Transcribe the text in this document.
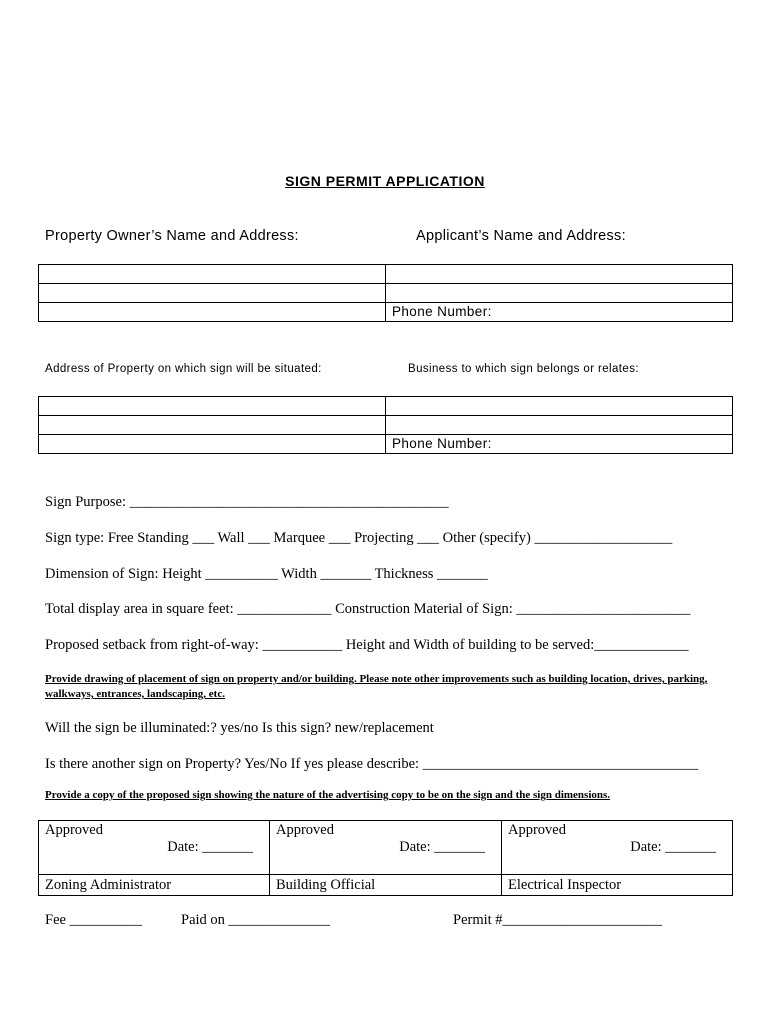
SIGN PERMIT APPLICATION
Property Owner’s Name and Address:	Applicant’s Name and Address:

	Phone Number:
Address of Property on which sign will be situated:	Business to which sign belongs or relates:

	Phone Number:
Sign Purpose: ____________________________________________
Sign type: Free Standing ___ Wall ___ Marquee ___ Projecting ___ Other (specify) ___________________
Dimension of Sign: Height __________ Width _______ Thickness _______
Total display area in square feet: _____________ Construction Material of Sign: ________________________
Proposed setback from right-of-way: ___________ Height and Width of building to be served:_____________
Provide drawing of placement of sign on property and/or building. Please note other improvements such as building location, drives, parking, walkways, entrances, landscaping, etc.
Will the sign be illuminated:? yes/no Is this sign? new/replacement
Is there another sign on Property? Yes/No If yes please describe: ______________________________________
Provide a copy of the proposed sign showing the nature of the advertising copy to be on the sign and the sign dimensions.
Approved	Approved	Approved
Date: _______	Date: _______	Date: _______
Zoning Administrator	Building Official	Electrical Inspector
Fee __________	Paid on ______________	Permit #______________________
